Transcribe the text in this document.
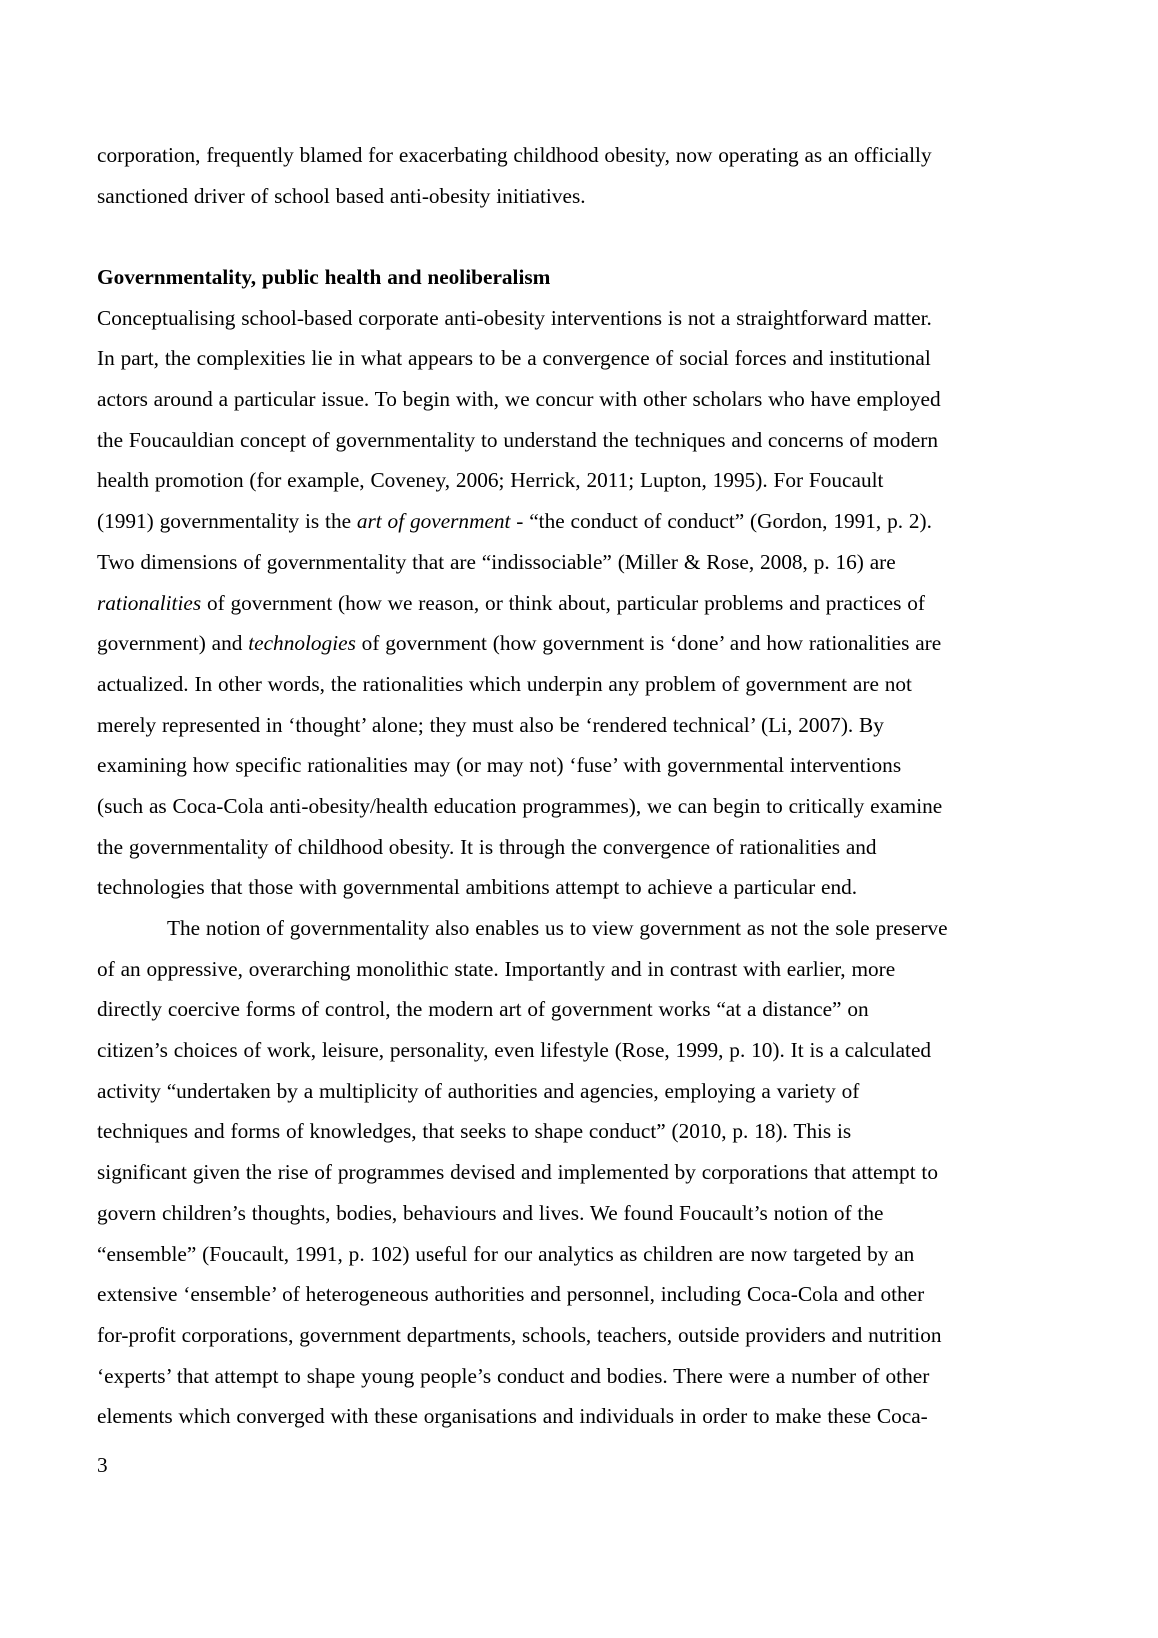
corporation, frequently blamed for exacerbating childhood obesity, now operating as an officially
sanctioned driver of school based anti-obesity initiatives.
Governmentality, public health and neoliberalism
Conceptualising school-based corporate anti-obesity interventions is not a straightforward matter.
In part, the complexities lie in what appears to be a convergence of social forces and institutional
actors around a particular issue. To begin with, we concur with other scholars who have employed
the Foucauldian concept of governmentality to understand the techniques and concerns of modern
health promotion (for example, Coveney, 2006; Herrick, 2011; Lupton, 1995). For Foucault
(1991) governmentality is the art of government - “the conduct of conduct” (Gordon, 1991, p. 2).
Two dimensions of governmentality that are “indissociable” (Miller & Rose, 2008, p. 16) are
rationalities of government (how we reason, or think about, particular problems and practices of
government) and technologies of government (how government is ‘done’ and how rationalities are
actualized. In other words, the rationalities which underpin any problem of government are not
merely represented in ‘thought’ alone; they must also be ‘rendered technical’ (Li, 2007). By
examining how specific rationalities may (or may not) ‘fuse’ with governmental interventions
(such as Coca-Cola anti-obesity/health education programmes), we can begin to critically examine
the governmentality of childhood obesity. It is through the convergence of rationalities and
technologies that those with governmental ambitions attempt to achieve a particular end.
The notion of governmentality also enables us to view government as not the sole preserve
of an oppressive, overarching monolithic state. Importantly and in contrast with earlier, more
directly coercive forms of control, the modern art of government works “at a distance” on
citizen’s choices of work, leisure, personality, even lifestyle (Rose, 1999, p. 10). It is a calculated
activity “undertaken by a multiplicity of authorities and agencies, employing a variety of
techniques and forms of knowledges, that seeks to shape conduct” (2010, p. 18). This is
significant given the rise of programmes devised and implemented by corporations that attempt to
govern children’s thoughts, bodies, behaviours and lives. We found Foucault’s notion of the
“ensemble” (Foucault, 1991, p. 102) useful for our analytics as children are now targeted by an
extensive ‘ensemble’ of heterogeneous authorities and personnel, including Coca-Cola and other
for-profit corporations, government departments, schools, teachers, outside providers and nutrition
‘experts’ that attempt to shape young people’s conduct and bodies. There were a number of other
elements which converged with these organisations and individuals in order to make these Coca-
3
